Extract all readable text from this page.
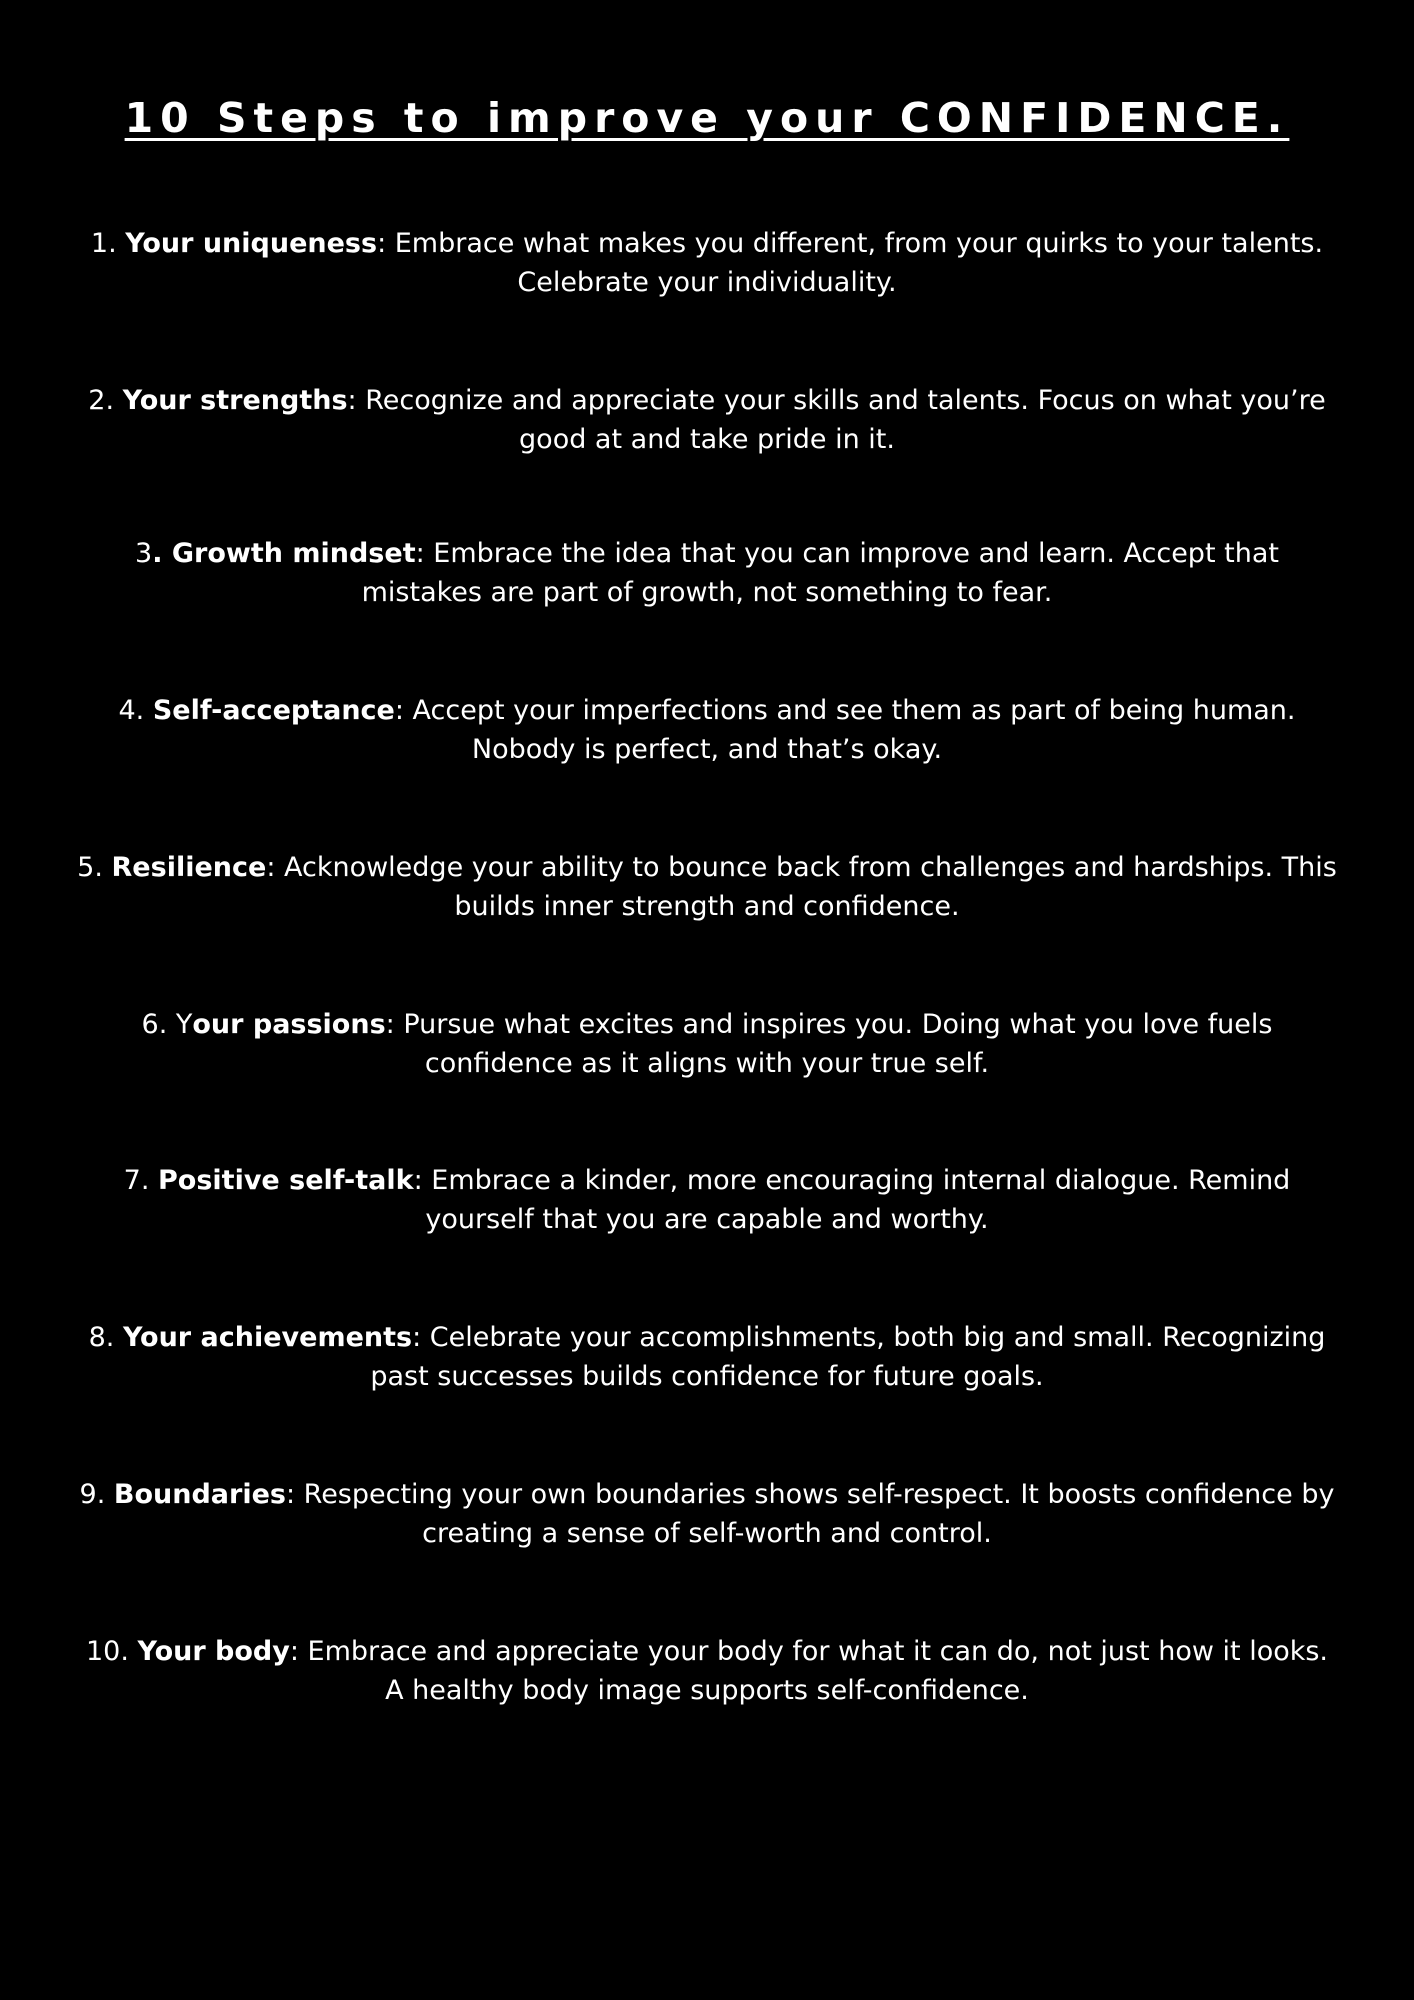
10 Steps to improve your CONFIDENCE.
1. Your uniqueness: Embrace what makes you different, from your quirks to your talents. Celebrate your individuality.
2. Your strengths: Recognize and appreciate your skills and talents. Focus on what you’re good at and take pride in it.
3. Growth mindset: Embrace the idea that you can improve and learn. Accept that mistakes are part of growth, not something to fear.
4. Self-acceptance: Accept your imperfections and see them as part of being human. Nobody is perfect, and that’s okay.
5. Resilience: Acknowledge your ability to bounce back from challenges and hardships. This builds inner strength and confidence.
6. Your passions: Pursue what excites and inspires you. Doing what you love fuels confidence as it aligns with your true self.
7. Positive self-talk: Embrace a kinder, more encouraging internal dialogue. Remind yourself that you are capable and worthy.
8. Your achievements: Celebrate your accomplishments, both big and small. Recognizing past successes builds confidence for future goals.
9. Boundaries: Respecting your own boundaries shows self-respect. It boosts confidence by creating a sense of self-worth and control.
10. Your body: Embrace and appreciate your body for what it can do, not just how it looks. A healthy body image supports self-confidence.
